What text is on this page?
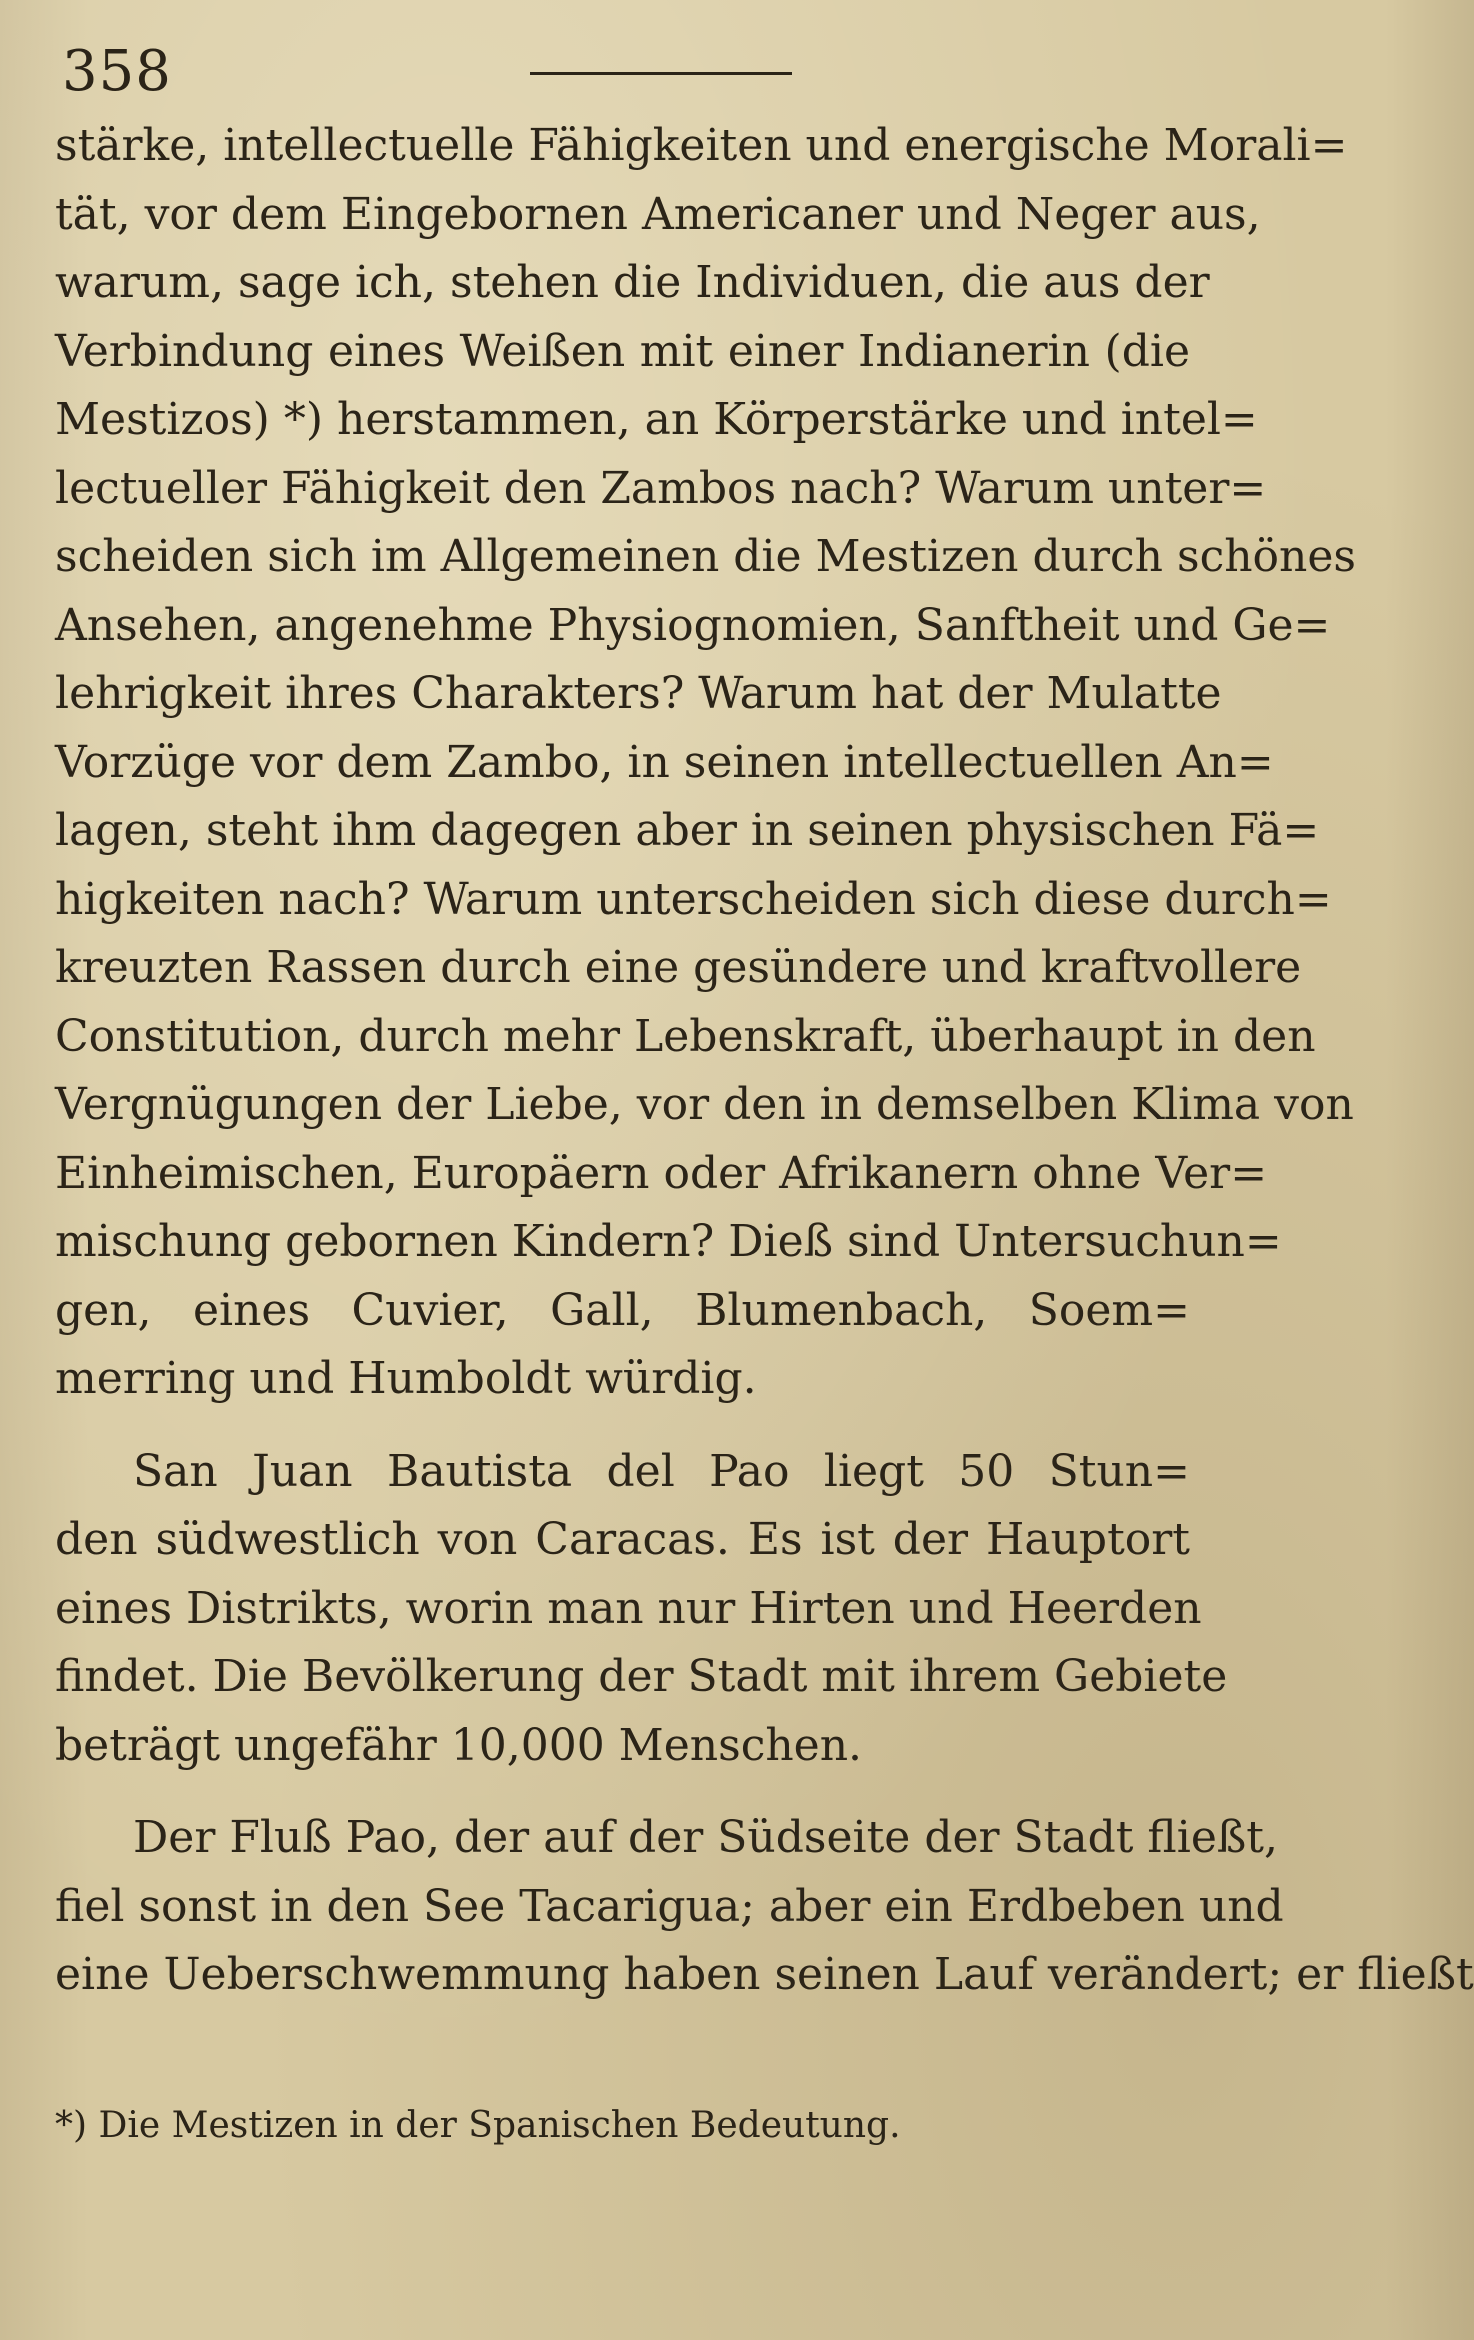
358
stärke, intellectuelle Fähigkeiten und energische Morali=
tät, vor dem Eingebornen Americaner und Neger aus,
warum, sage ich, stehen die Individuen, die aus der
Verbindung eines Weißen mit einer Indianerin (die
Mestizos) *) herstammen, an Körperstärke und intel=
lectueller Fähigkeit den Zambos nach? Warum unter=
scheiden sich im Allgemeinen die Mestizen durch schönes
Ansehen, angenehme Physiognomien, Sanftheit und Ge=
lehrigkeit ihres Charakters? Warum hat der Mulatte
Vorzüge vor dem Zambo, in seinen intellectuellen An=
lagen, steht ihm dagegen aber in seinen physischen Fä=
higkeiten nach? Warum unterscheiden sich diese durch=
kreuzten Rassen durch eine gesündere und kraftvollere
Constitution, durch mehr Lebenskraft, überhaupt in den
Vergnügungen der Liebe, vor den in demselben Klima von
Einheimischen, Europäern oder Afrikanern ohne Ver=
mischung gebornen Kindern? Dieß sind Untersuchun=
gen, eines Cuvier, Gall, Blumenbach, Soem=
merring und Humboldt würdig.
San Juan Bautista del Pao liegt 50 Stun=
den südwestlich von Caracas. Es ist der Hauptort
eines Distrikts, worin man nur Hirten und Heerden
findet. Die Bevölkerung der Stadt mit ihrem Gebiete
beträgt ungefähr 10,000 Menschen.
Der Fluß Pao, der auf der Südseite der Stadt fließt,
fiel sonst in den See Tacariguа; aber ein Erdbeben und
eine Ueberschwemmung haben seinen Lauf verändert; er fließt
*) Die Mestizen in der Spanischen Bedeutung.
